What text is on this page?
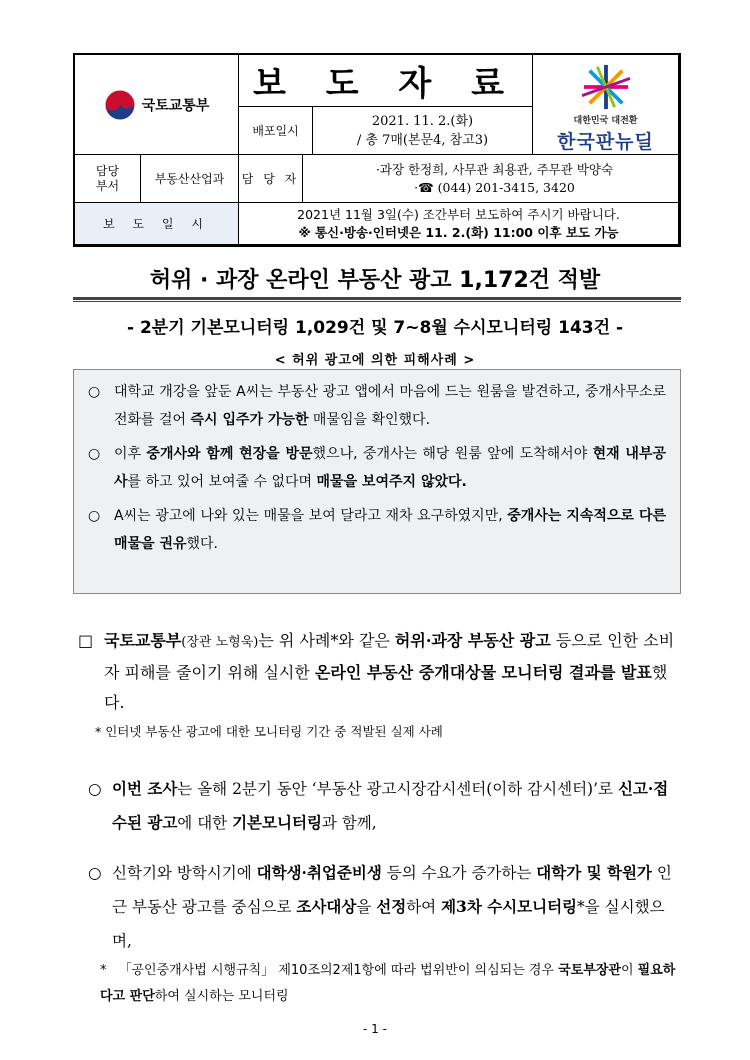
국토교통부
보 도 자 료
배포일시
2021. 11. 2.(화)
/ 총 7매(본문4, 참고3)
대한민국 대전환
한국판뉴딜
담당
부서	부동산산업과	담 당 자
·과장 한정희, 사무관 최용관, 주무관 박양숙
·☎ (044) 201-3415, 3420
보 도 일 시
2021년 11월 3일(수) 조간부터 보도하여 주시기 바랍니다.
※ 통신·방송·인터넷은 11. 2.(화) 11:00 이후 보도 가능
허위 · 과장 온라인 부동산 광고 1,172건 적발
- 2분기 기본모니터링 1,029건 및 7~8월 수시모니터링 143건 -
< 허위 광고에 의한 피해사례 >
○ 대학교 개강을 앞둔 A씨는 부동산 광고 앱에서 마음에 드는 원룸을 발견하고, 중개사무소로 전화를 걸어 즉시 입주가 가능한 매물임을 확인했다.
○ 이후 중개사와 함께 현장을 방문했으나, 중개사는 해당 원룸 앞에 도착해서야 현재 내부공사를 하고 있어 보여줄 수 없다며 매물을 보여주지 않았다.
○ A씨는 광고에 나와 있는 매물을 보여 달라고 재차 요구하였지만, 중개사는 지속적으로 다른 매물을 권유했다.
□ 국토교통부(장관 노형욱)는 위 사례*와 같은 허위·과장 부동산 광고 등으로 인한 소비자 피해를 줄이기 위해 실시한 온라인 부동산 중개대상물 모니터링 결과를 발표했다.
* 인터넷 부동산 광고에 대한 모니터링 기간 중 적발된 실제 사례
○ 이번 조사는 올해 2분기 동안 ‘부동산 광고시장감시센터(이하 감시센터)’로 신고·접수된 광고에 대한 기본모니터링과 함께,
○ 신학기와 방학시기에 대학생·취업준비생 등의 수요가 증가하는 대학가 및 학원가 인근 부동산 광고를 중심으로 조사대상을 선정하여 제3차 수시모니터링*을 실시했으며,
* 「공인중개사법 시행규칙」 제10조의2제1항에 따라 법위반이 의심되는 경우 국토부장관이 필요하다고 판단하여 실시하는 모니터링
- 1 -
